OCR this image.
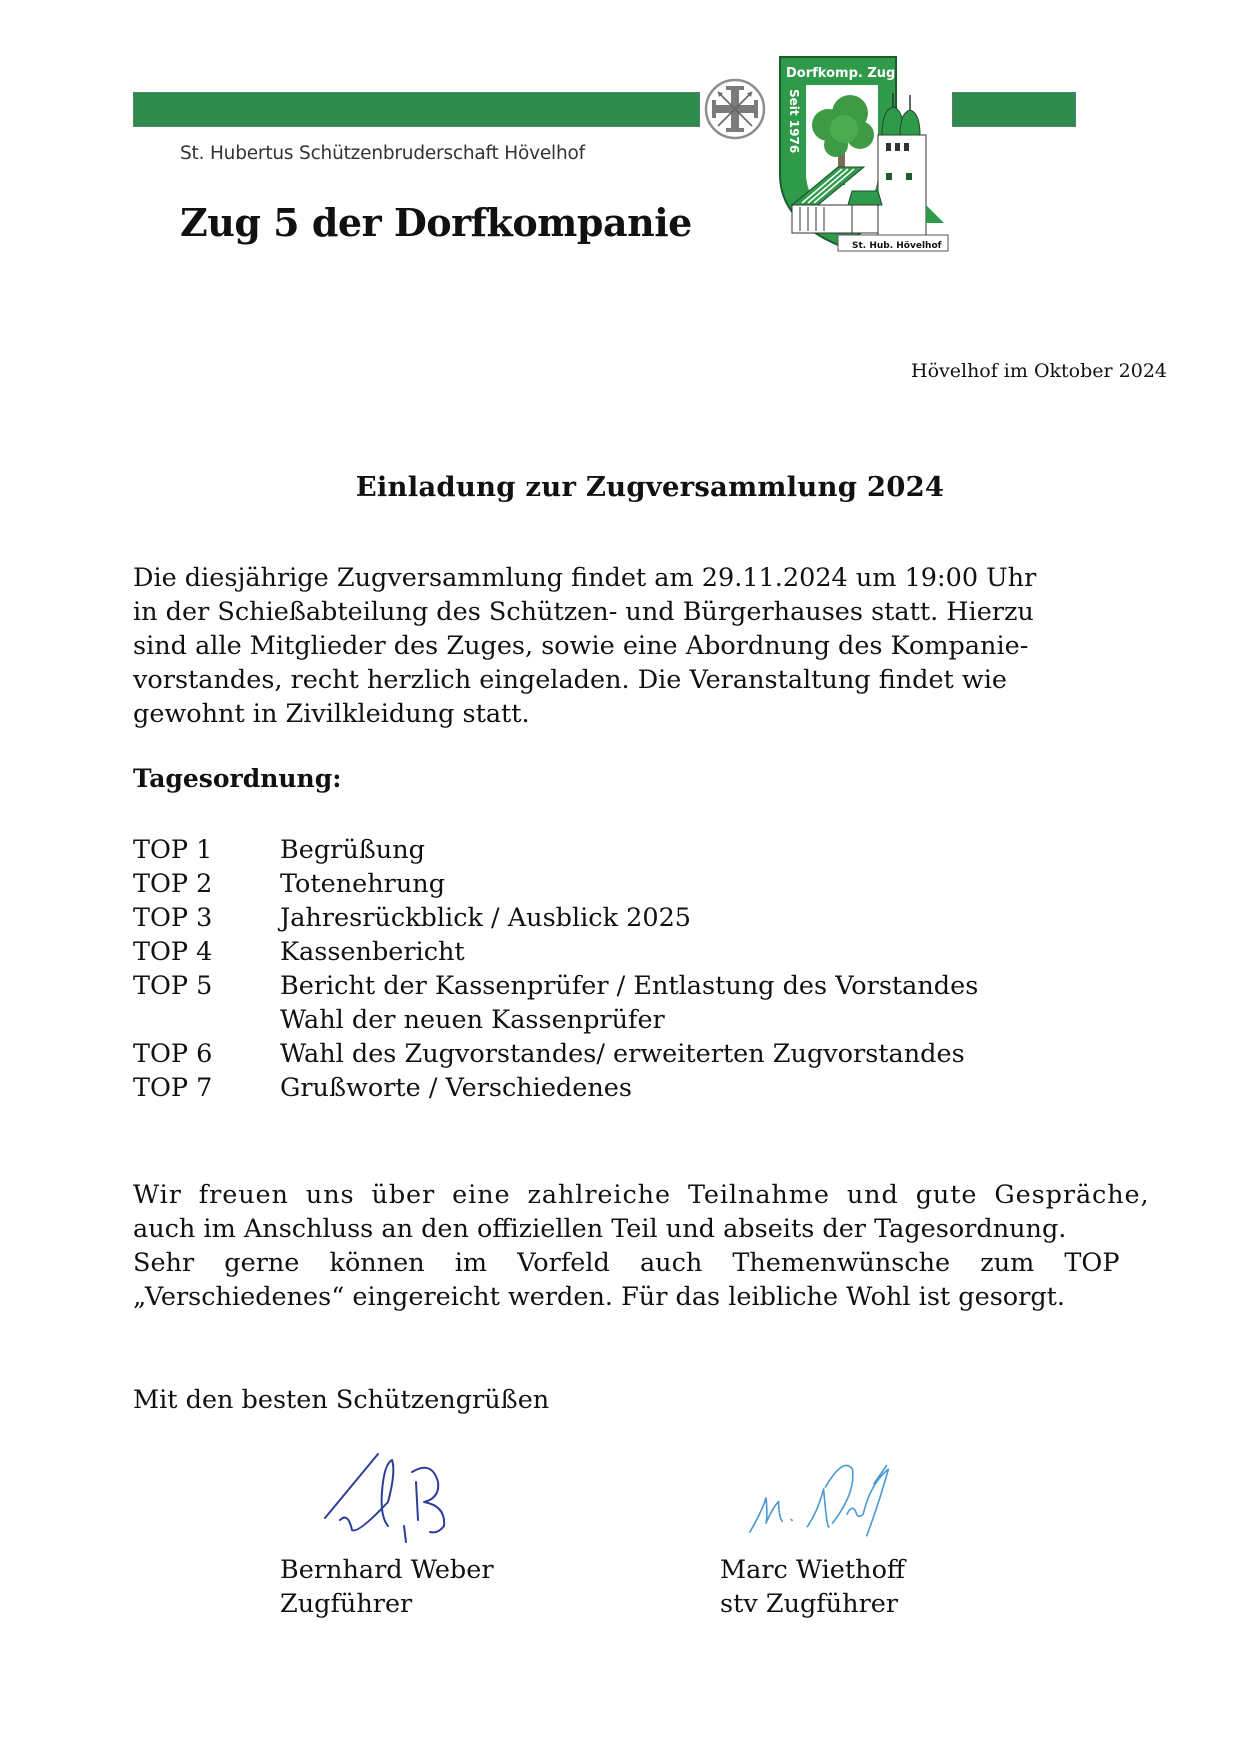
Dorfkomp. Zug 5
Seit 1976
St. Hub. Hövelhof
St. Hubertus Schützenbruderschaft Hövelhof
Zug 5 der Dorfkompanie
Hövelhof im Oktober 2024
Einladung zur Zugversammlung 2024
Die diesjährige Zugversammlung findet am 29.11.2024 um 19:00 Uhr
in der Schießabteilung des Schützen- und Bürgerhauses statt. Hierzu
sind alle Mitglieder des Zuges, sowie eine Abordnung des Kompanie-
vorstandes, recht herzlich eingeladen. Die Veranstaltung findet wie
gewohnt in Zivilkleidung statt.
Tagesordnung:
TOP 1	Begrüßung
TOP 2	Totenehrung
TOP 3	Jahresrückblick / Ausblick 2025
TOP 4	Kassenbericht
TOP 5	Bericht der Kassenprüfer / Entlastung des Vorstandes
Wahl der neuen Kassenprüfer
TOP 6	Wahl des Zugvorstandes/ erweiterten Zugvorstandes
TOP 7	Grußworte / Verschiedenes
Wir freuen uns über eine zahlreiche Teilnahme und gute Gespräche,
auch im Anschluss an den offiziellen Teil und abseits der Tagesordnung.
Sehr gerne können im Vorfeld auch Themenwünsche zum TOP
„Verschiedenes“ eingereicht werden. Für das leibliche Wohl ist gesorgt.
Mit den besten Schützengrüßen
Bernhard Weber
Zugführer
Marc Wiethoff
stv Zugführer
